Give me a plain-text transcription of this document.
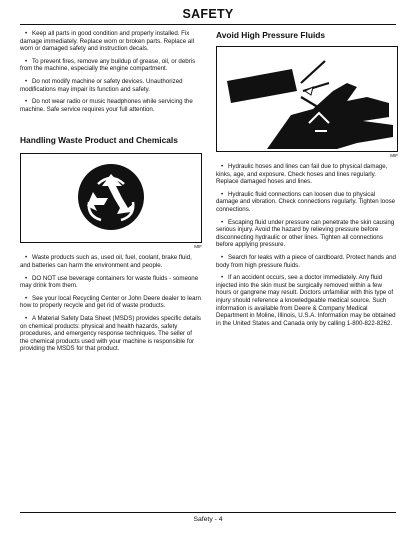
SAFETY

• Keep all parts in good condition and properly installed. Fix damage immediately. Replace worn or broken parts. Replace all worn or damaged safety and instruction decals.

• To prevent fires, remove any buildup of grease, oil, or debris from the machine, especially the engine compartment.

• Do not modify machine or safety devices. Unauthorized modifications may impair its function and safety.

• Do not wear radio or music headphones while servicing the machine. Safe service requires your full attention.

Handling Waste Product and Chemicals

MIF

• Waste products such as, used oil, fuel, coolant, brake fluid, and batteries can harm the environment and people.

• DO NOT use beverage containers for waste fluids - someone may drink from them.

• See your local Recycling Center or John Deere dealer to learn how to properly recycle and get rid of waste products.

• A Material Safety Data Sheet (MSDS) provides specific details on chemical products: physical and health hazards, safety procedures, and emergency response techniques. The seller of the chemical products used with your machine is responsible for providing the MSDS for that product.

Avoid High Pressure Fluids

MIF

• Hydraulic hoses and lines can fail due to physical damage, kinks, age, and exposure. Check hoses and lines regularly. Replace damaged hoses and lines.

• Hydraulic fluid connections can loosen due to physical damage and vibration. Check connections regularly. Tighten loose connections.

• Escaping fluid under pressure can penetrate the skin causing serious injury. Avoid the hazard by relieving pressure before disconnecting hydraulic or other lines. Tighten all connections before applying pressure.

• Search for leaks with a piece of cardboard. Protect hands and body from high pressure fluids.

• If an accident occurs, see a doctor immediately. Any fluid injected into the skin must be surgically removed within a few hours or gangrene may result. Doctors unfamiliar with this type of injury should reference a knowledgeable medical source. Such information is available from Deere & Company Medical Department in Moline, Illinois, U.S.A. Information may be obtained in the United States and Canada only by calling 1-800-822-8262.

Safety - 4
